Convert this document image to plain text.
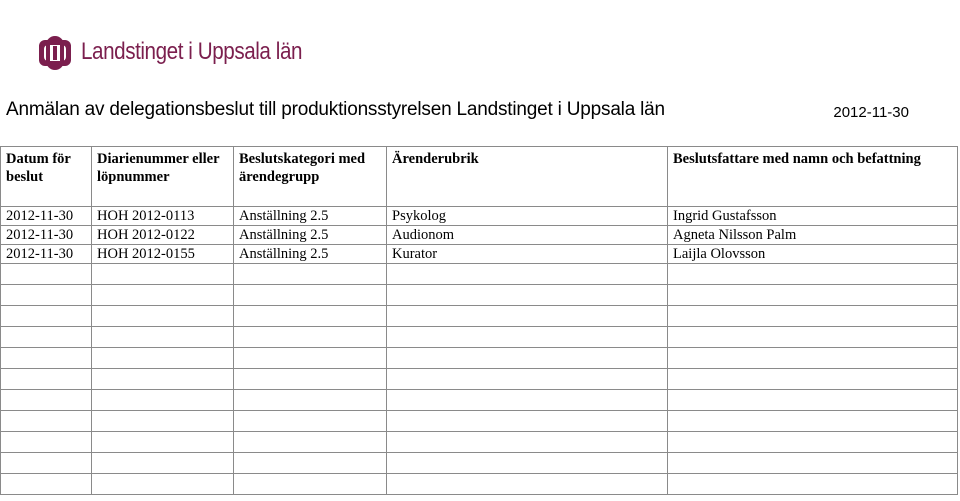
Landstinget i Uppsala län
Anmälan av delegationsbeslut till produktionsstyrelsen Landstinget i Uppsala län	2012-11-30
Datum för beslut	Diarienummer eller löpnummer	Beslutskategori med ärendegrupp	Ärenderubrik	Beslutsfattare med namn och befattning
2012-11-30	HOH 2012-0113	Anställning 2.5	Psykolog	Ingrid Gustafsson
2012-11-30	HOH 2012-0122	Anställning 2.5	Audionom	Agneta Nilsson Palm
2012-11-30	HOH 2012-0155	Anställning 2.5	Kurator	Laijla Olovsson
